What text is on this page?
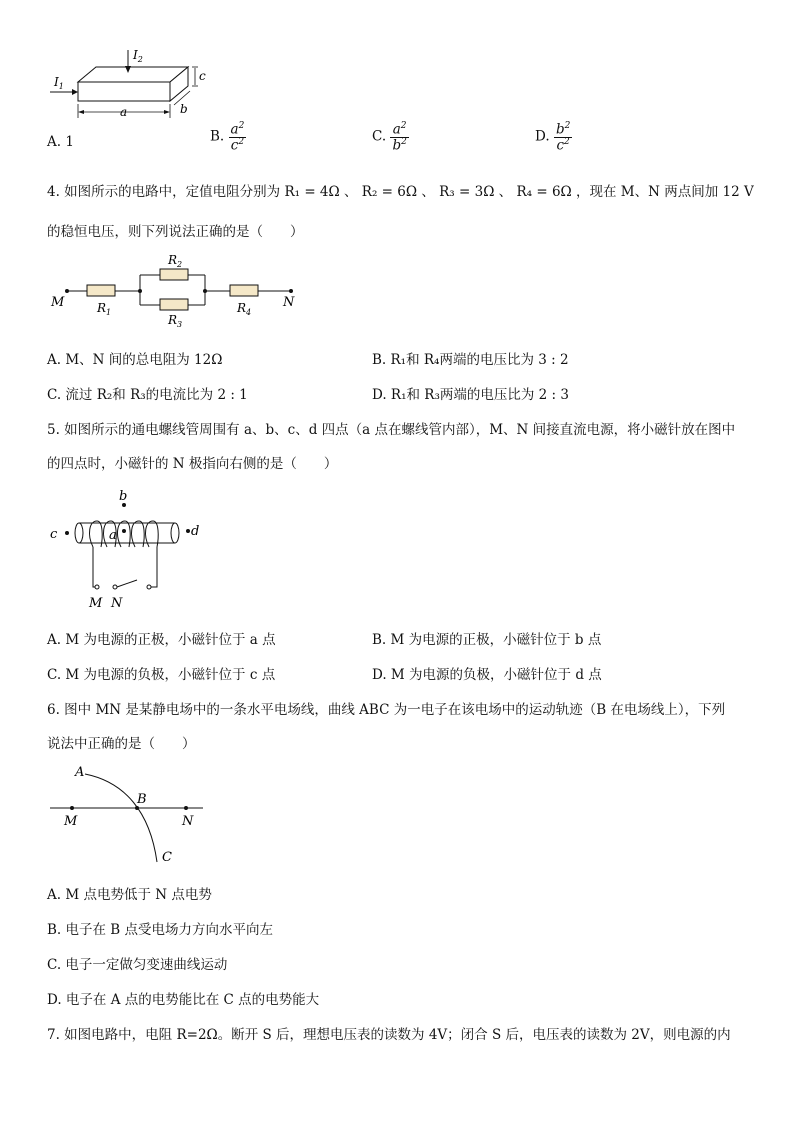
$I_1$
$I_2$
a	b
c
A. 1	B. $\frac{a^2}{c^2}$	C. $\frac{a^2}{b^2}$	D. $\frac{b^2}{c^2}$
4. 如图所示的电路中，定值电阻分别为 R₁ = 4Ω 、 R₂ = 6Ω 、 R₃ = 3Ω 、 R₄ = 6Ω ，现在 M、N 两点间加 12 V
的稳恒电压，则下列说法正确的是（　　）
M	N
$R_1$
$R_2$
$R_3$
$R_4$
A. M、N 间的总电阻为 12Ω	B. R₁和 R₄两端的电压比为 3 : 2
C. 流过 R₂和 R₃的电流比为 2 : 1	D. R₁和 R₃两端的电压比为 2 : 3
5. 如图所示的通电螺线管周围有 a、b、c、d 四点（a 点在螺线管内部），M、N 间接直流电源，将小磁针放在图中
的四点时，小磁针的 N 极指向右侧的是（　　）
b
c	d
a
M N
A. M 为电源的正极，小磁针位于 a 点	B. M 为电源的正极，小磁针位于 b 点
C. M 为电源的负极，小磁针位于 c 点	D. M 为电源的负极，小磁针位于 d 点
6. 图中 MN 是某静电场中的一条水平电场线，曲线 ABC 为一电子在该电场中的运动轨迹（B 在电场线上），下列
说法中正确的是（　　）
A
B
C
M	N
A. M 点电势低于 N 点电势
B. 电子在 B 点受电场力方向水平向左
C. 电子一定做匀变速曲线运动
D. 电子在 A 点的电势能比在 C 点的电势能大
7. 如图电路中，电阻 R=2Ω。断开 S 后，理想电压表的读数为 4V；闭合 S 后，电压表的读数为 2V，则电源的内
